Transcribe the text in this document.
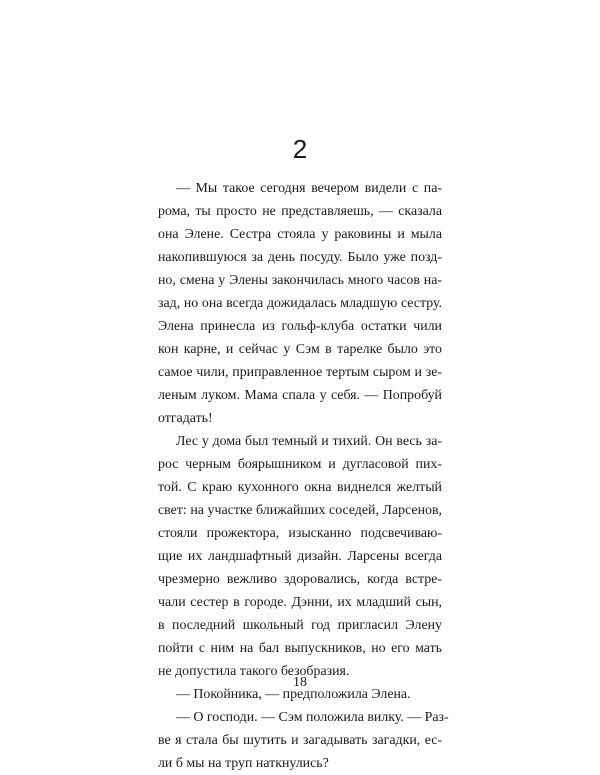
2
— Мы такое сегодня вечером видели с па-
рома, ты просто не представляешь, — сказала
она Элене. Сестра стояла у раковины и мыла
накопившуюся за день посуду. Было уже позд-
но, смена у Элены закончилась много часов на-
зад, но она всегда дожидалась младшую сестру.
Элена принесла из гольф-клуба остатки чили
кон карне, и сейчас у Сэм в тарелке было это
самое чили, приправленное тертым сыром и зе-
леным луком. Мама спала у себя. — Попробуй
отгадать!
Лес у дома был темный и тихий. Он весь за-
рос черным боярышником и дугласовой пих-
той. С краю кухонного окна виднелся желтый
свет: на участке ближайших соседей, Ларсенов,
стояли прожектора, изысканно подсвечиваю-
щие их ландшафтный дизайн. Ларсены всегда
чрезмерно вежливо здоровались, когда встре-
чали сестер в городе. Дэнни, их младший сын,
в последний школьный год пригласил Элену
пойти с ним на бал выпускников, но его мать
не допустила такого безобразия.
— Покойника, — предположила Элена.
— О господи. — Сэм положила вилку. — Раз-
ве я стала бы шутить и загадывать загадки, ес-
ли б мы на труп наткнулись?
18
